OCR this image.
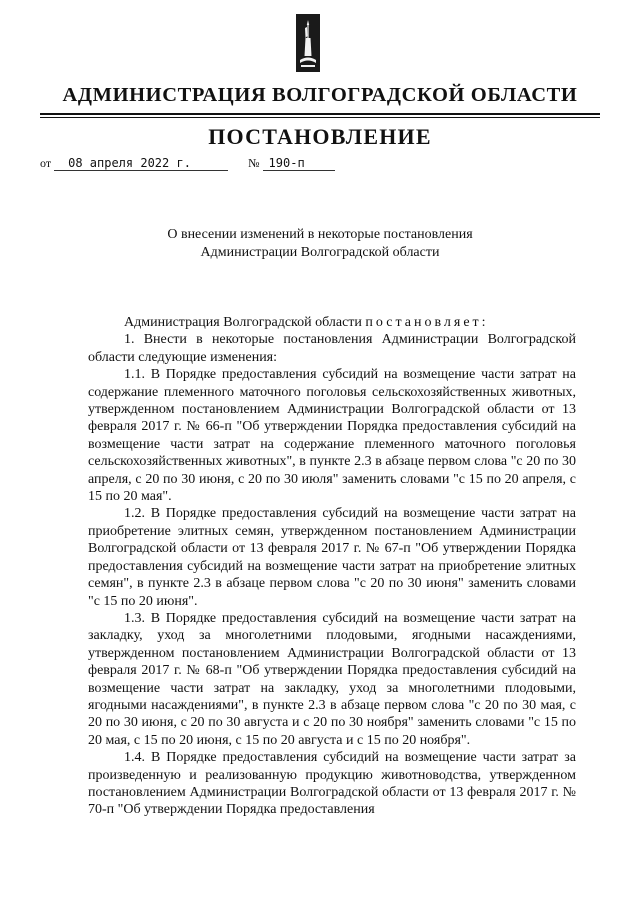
АДМИНИСТРАЦИЯ ВОЛГОГРАДСКОЙ ОБЛАСТИ
ПОСТАНОВЛЕНИЕ
от 08 апреля 2022 г.	№ 190-п
О внесении изменений в некоторые постановления
Администрации Волгоградской области

Администрация Волгоградской области постановляет:

1. Внести в некоторые постановления Администрации Волгоградской области следующие изменения:

1.1. В Порядке предоставления субсидий на возмещение части затрат на содержание племенного маточного поголовья сельскохозяйственных животных, утвержденном постановлением Администрации Волгоградской области от 13 февраля 2017 г. № 66-п "Об утверждении Порядка предоставления субсидий на возмещение части затрат на содержание племенного маточного поголовья сельскохозяйственных животных", в пункте 2.3 в абзаце первом слова "с 20 по 30 апреля, с 20 по 30 июня, с 20 по 30 июля" заменить словами "с 15 по 20 апреля, с 15 по 20 мая".

1.2. В Порядке предоставления субсидий на возмещение части затрат на приобретение элитных семян, утвержденном постановлением Администрации Волгоградской области от 13 февраля 2017 г. № 67-п "Об утверждении Порядка предоставления субсидий на возмещение части затрат на приобретение элитных семян", в пункте 2.3 в абзаце первом слова "с 20 по 30 июня" заменить словами "с 15 по 20 июня".

1.3. В Порядке предоставления субсидий на возмещение части затрат на закладку, уход за многолетними плодовыми, ягодными насаждениями, утвержденном постановлением Администрации Волгоградской области от 13 февраля 2017 г. № 68-п "Об утверждении Порядка предоставления субсидий на возмещение части затрат на закладку, уход за многолетними плодовыми, ягодными насаждениями", в пункте 2.3 в абзаце первом слова "с 20 по 30 мая, с 20 по 30 июня, с 20 по 30 августа и с 20 по 30 ноября" заменить словами "с 15 по 20 мая, с 15 по 20 июня, с 15 по 20 августа и с 15 по 20 ноября".

1.4. В Порядке предоставления субсидий на возмещение части затрат за произведенную и реализованную продукцию животноводства, утвержденном постановлением Администрации Волгоградской области от 13 февраля 2017 г. № 70-п "Об утверждении Порядка предоставления
